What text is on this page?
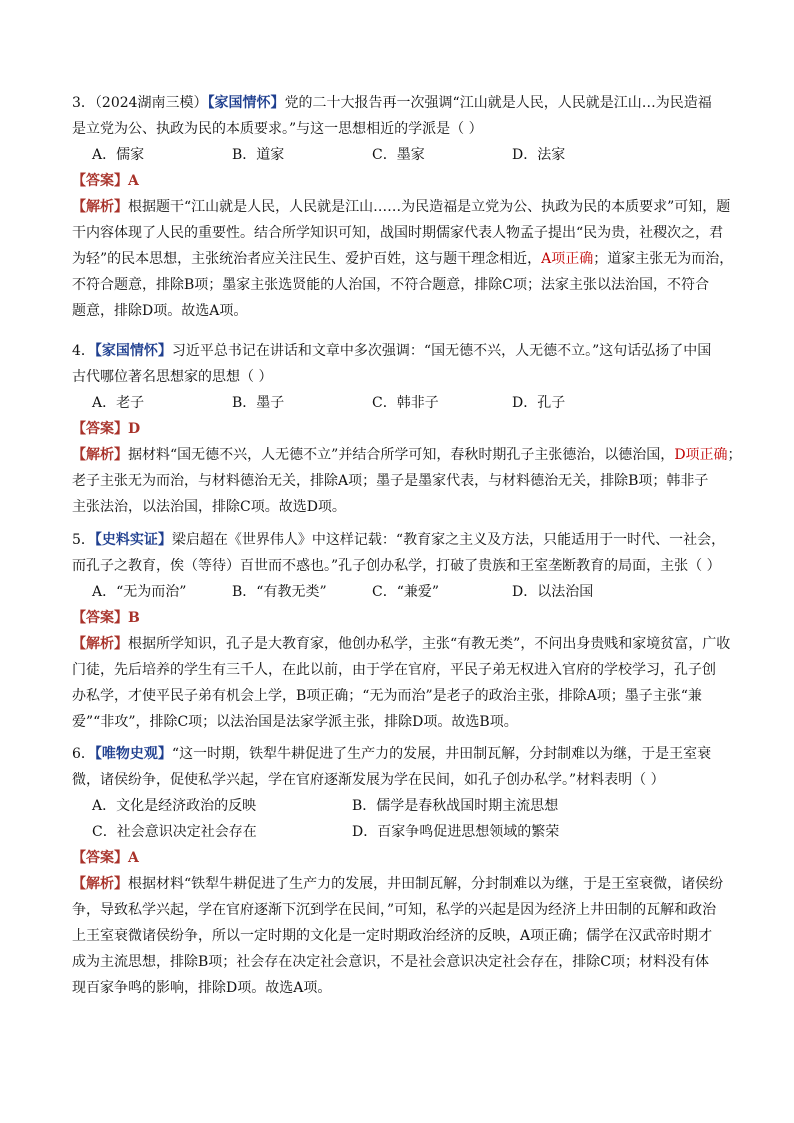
3．（2024湖南三模）【家国情怀】党的二十大报告再一次强调“江山就是人民，人民就是江山…为民造福
是立党为公、执政为民的本质要求。”与这一思想相近的学派是（ ）
A．儒家	B．道家	C．墨家	D．法家
【答案】A
【解析】根据题干“江山就是人民，人民就是江山……为民造福是立党为公、执政为民的本质要求”可知，题
干内容体现了人民的重要性。结合所学知识可知，战国时期儒家代表人物孟子提出“民为贵，社稷次之，君
为轻”的民本思想，主张统治者应关注民生、爱护百姓，这与题干理念相近，A项正确；道家主张无为而治，
不符合题意，排除B项；墨家主张选贤能的人治国，不符合题意，排除C项；法家主张以法治国，不符合
题意，排除D项。故选A项。
4．【家国情怀】习近平总书记在讲话和文章中多次强调：“国无德不兴，人无德不立。”这句话弘扬了中国
古代哪位著名思想家的思想（ ）
A．老子	B．墨子	C．韩非子	D．孔子
【答案】D
【解析】据材料“国无德不兴，人无德不立”并结合所学可知，春秋时期孔子主张德治，以德治国，D项正确；
老子主张无为而治，与材料德治无关，排除A项；墨子是墨家代表，与材料德治无关，排除B项；韩非子
主张法治，以法治国，排除C项。故选D项。
5．【史料实证】梁启超在《世界伟人》中这样记载：“教育家之主义及方法，只能适用于一时代、一社会，
而孔子之教育，俟（等待）百世而不惑也。”孔子创办私学，打破了贵族和王室垄断教育的局面，主张（ ）
A．“无为而治”	B．“有教无类”	C．“兼爱”	D．以法治国
【答案】B
【解析】根据所学知识，孔子是大教育家，他创办私学，主张“有教无类”，不问出身贵贱和家境贫富，广收
门徒，先后培养的学生有三千人，在此以前，由于学在官府，平民子弟无权进入官府的学校学习，孔子创
办私学，才使平民子弟有机会上学，B项正确；“无为而治”是老子的政治主张，排除A项；墨子主张“兼
爱”“非攻”，排除C项；以法治国是法家学派主张，排除D项。故选B项。
6．【唯物史观】“这一时期，铁犁牛耕促进了生产力的发展，井田制瓦解，分封制难以为继，于是王室衰
微，诸侯纷争，促使私学兴起，学在官府逐渐发展为学在民间，如孔子创办私学。”材料表明（ ）
A．文化是经济政治的反映	B．儒学是春秋战国时期主流思想
C．社会意识决定社会存在	D．百家争鸣促进思想领域的繁荣
【答案】A
【解析】根据材料“铁犁牛耕促进了生产力的发展，井田制瓦解，分封制难以为继，于是王室衰微，诸侯纷
争，导致私学兴起，学在官府逐渐下沉到学在民间，”可知，私学的兴起是因为经济上井田制的瓦解和政治
上王室衰微诸侯纷争，所以一定时期的文化是一定时期政治经济的反映，A项正确；儒学在汉武帝时期才
成为主流思想，排除B项；社会存在决定社会意识，不是社会意识决定社会存在，排除C项；材料没有体
现百家争鸣的影响，排除D项。故选A项。
